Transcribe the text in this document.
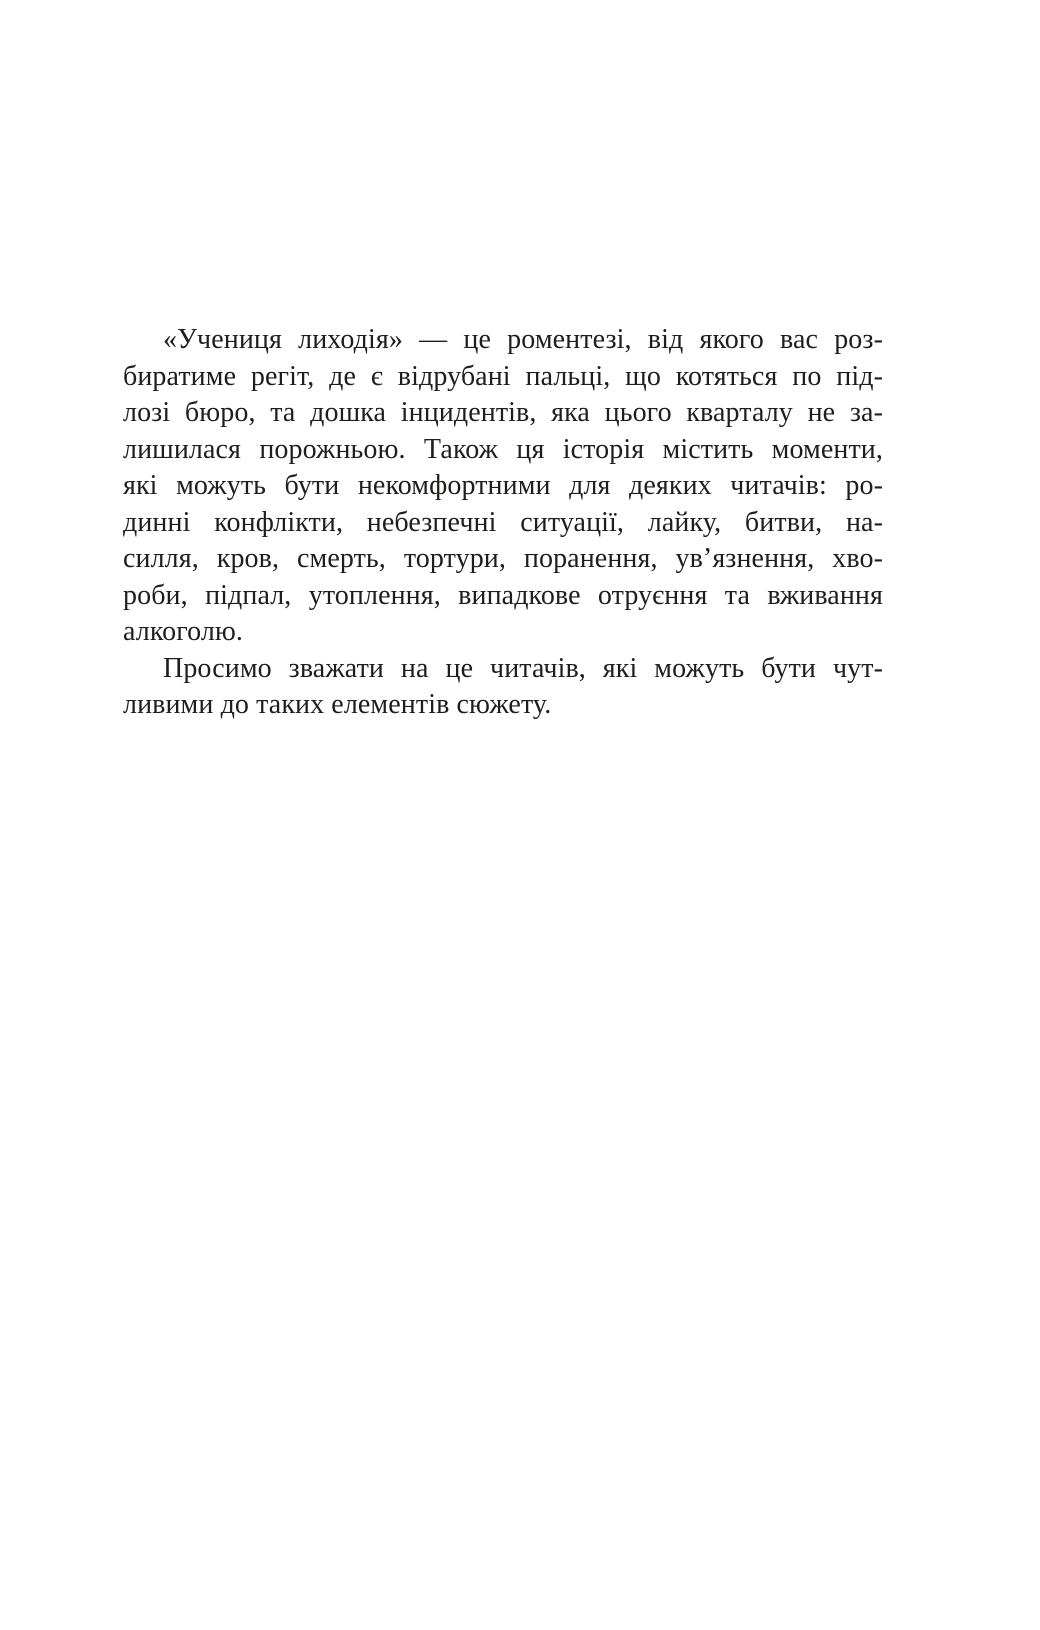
«Учениця лиходія» — це роментезі, від якого вас роз-
биратиме регіт, де є відрубані пальці, що котяться по під-
лозі бюро, та дошка інцидентів, яка цього кварталу не за-
лишилася порожньою. Також ця історія містить моменти,
які можуть бути некомфортними для деяких читачів: ро-
динні конфлікти, небезпечні ситуації, лайку, битви, на-
силля, кров, смерть, тортури, поранення, ув’язнення, хво-
роби, підпал, утоплення, випадкове отруєння та вживання
алкоголю.
Просимо зважати на це читачів, які можуть бути чут-
ливими до таких елементів сюжету.
